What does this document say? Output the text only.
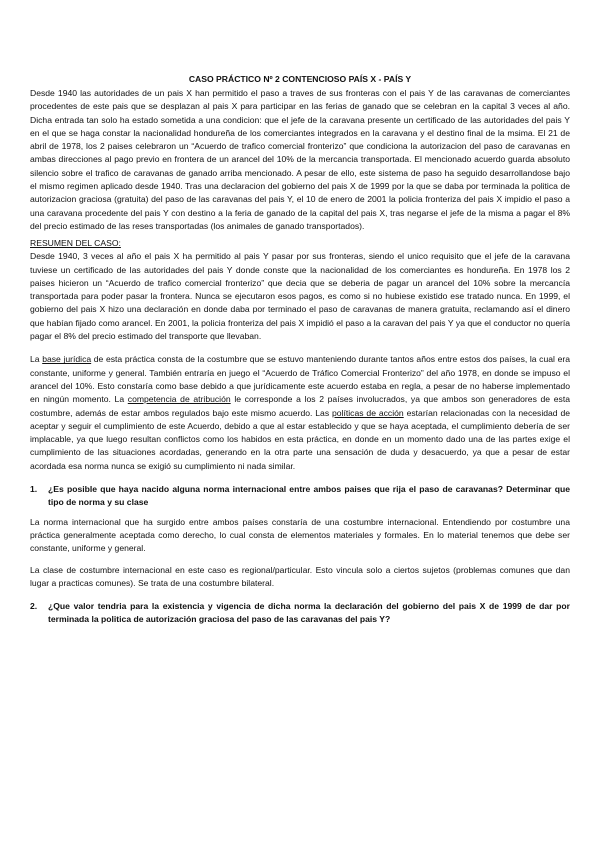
CASO PRÁCTICO Nº 2 CONTENCIOSO PAÍS X - PAÍS Y

Desde 1940 las autoridades de un pais X han permitido el paso a traves de sus fronteras con el pais Y de las caravanas de comerciantes procedentes de este pais que se desplazan al pais X para participar en las ferias de ganado que se celebran en la capital 3 veces al año. Dicha entrada tan solo ha estado sometida a una condicion: que el jefe de la caravana presente un certificado de las autoridades del pais Y en el que se haga constar la nacionalidad hondureña de los comerciantes integrados en la caravana y el destino final de la msima. El 21 de abril de 1978, los 2 paises celebraron un “Acuerdo de trafico comercial fronterizo” que condiciona la autorizacion del paso de caravanas en ambas direcciones al pago previo en frontera de un arancel del 10% de la mercancia transportada. El mencionado acuerdo guarda absoluto silencio sobre el trafico de caravanas de ganado arriba mencionado. A pesar de ello, este sistema de paso ha seguido desarrollandose bajo el mismo regimen aplicado desde 1940. Tras una declaracion del gobierno del pais X de 1999 por la que se daba por terminada la politica de autorizacion graciosa (gratuita) del paso de las caravanas del pais Y, el 10 de enero de 2001 la policia fronteriza del pais X impidio el paso a una caravana procedente del pais Y con destino a la feria de ganado de la capital del pais X, tras negarse el jefe de la misma a pagar el 8% del precio estimado de las reses transportadas (los animales de ganado transportados).

RESUMEN DEL CASO:

Desde 1940, 3 veces al año el pais X ha permitido al pais Y pasar por sus fronteras, siendo el unico requisito que el jefe de la caravana tuviese un certificado de las autoridades del pais Y donde conste que la nacionalidad de los comerciantes es hondureña. En 1978 los 2 paises hicieron un “Acuerdo de trafico comercial fronterizo” que decia que se deberia de pagar un arancel del 10% sobre la mercancía transportada para poder pasar la frontera. Nunca se ejecutaron esos pagos, es como si no hubiese existido ese tratado nunca. En 1999, el gobierno del pais X hizo una declaración en donde daba por terminado el paso de caravanas de manera gratuita, reclamando así el dinero que habían fijado como arancel. En 2001, la policia fronteriza del pais X impidió el paso a la caravan del pais Y ya que el conductor no quería pagar el 8% del precio estimado del transporte que llevaban.

La base jurídica de esta práctica consta de la costumbre que se estuvo manteniendo durante tantos años entre estos dos países, la cual era constante, uniforme y general. También entraría en juego el “Acuerdo de Tráfico Comercial Fronterizo” del año 1978, en donde se impuso el arancel del 10%. Esto constaría como base debido a que jurídicamente este acuerdo estaba en regla, a pesar de no haberse implementado en ningún momento. La competencia de atribución le corresponde a los 2 países involucrados, ya que ambos son generadores de esta costumbre, además de estar ambos regulados bajo este mismo acuerdo. Las políticas de acción estarían relacionadas con la necesidad de aceptar y seguir el cumplimiento de este Acuerdo, debido a que al estar establecido y que se haya aceptada, el cumplimiento debería de ser implacable, ya que luego resultan conflictos como los habidos en esta práctica, en donde en un momento dado una de las partes exige el cumplimiento de las situaciones acordadas, generando en la otra parte una sensación de duda y desacuerdo, ya que a pesar de estar acordada esa norma nunca se exigió su cumplimiento ni nada similar.

1.	¿Es posible que haya nacido alguna norma internacional entre ambos paises que rija el paso de caravanas? Determinar que tipo de norma y su clase

La norma internacional que ha surgido entre ambos países constaría de una costumbre internacional. Entendiendo por costumbre una práctica generalmente aceptada como derecho, lo cual consta de elementos materiales y formales. En lo material tenemos que debe ser constante, uniforme y general.

La clase de costumbre internacional en este caso es regional/particular. Esto vincula solo a ciertos sujetos (problemas comunes que dan lugar a practicas comunes). Se trata de una costumbre bilateral.

2.	¿Que valor tendria para la existencia y vigencia de dicha norma la declaración del gobierno del pais X de 1999 de dar por terminada la politica de autorización graciosa del paso de las caravanas del pais Y?
